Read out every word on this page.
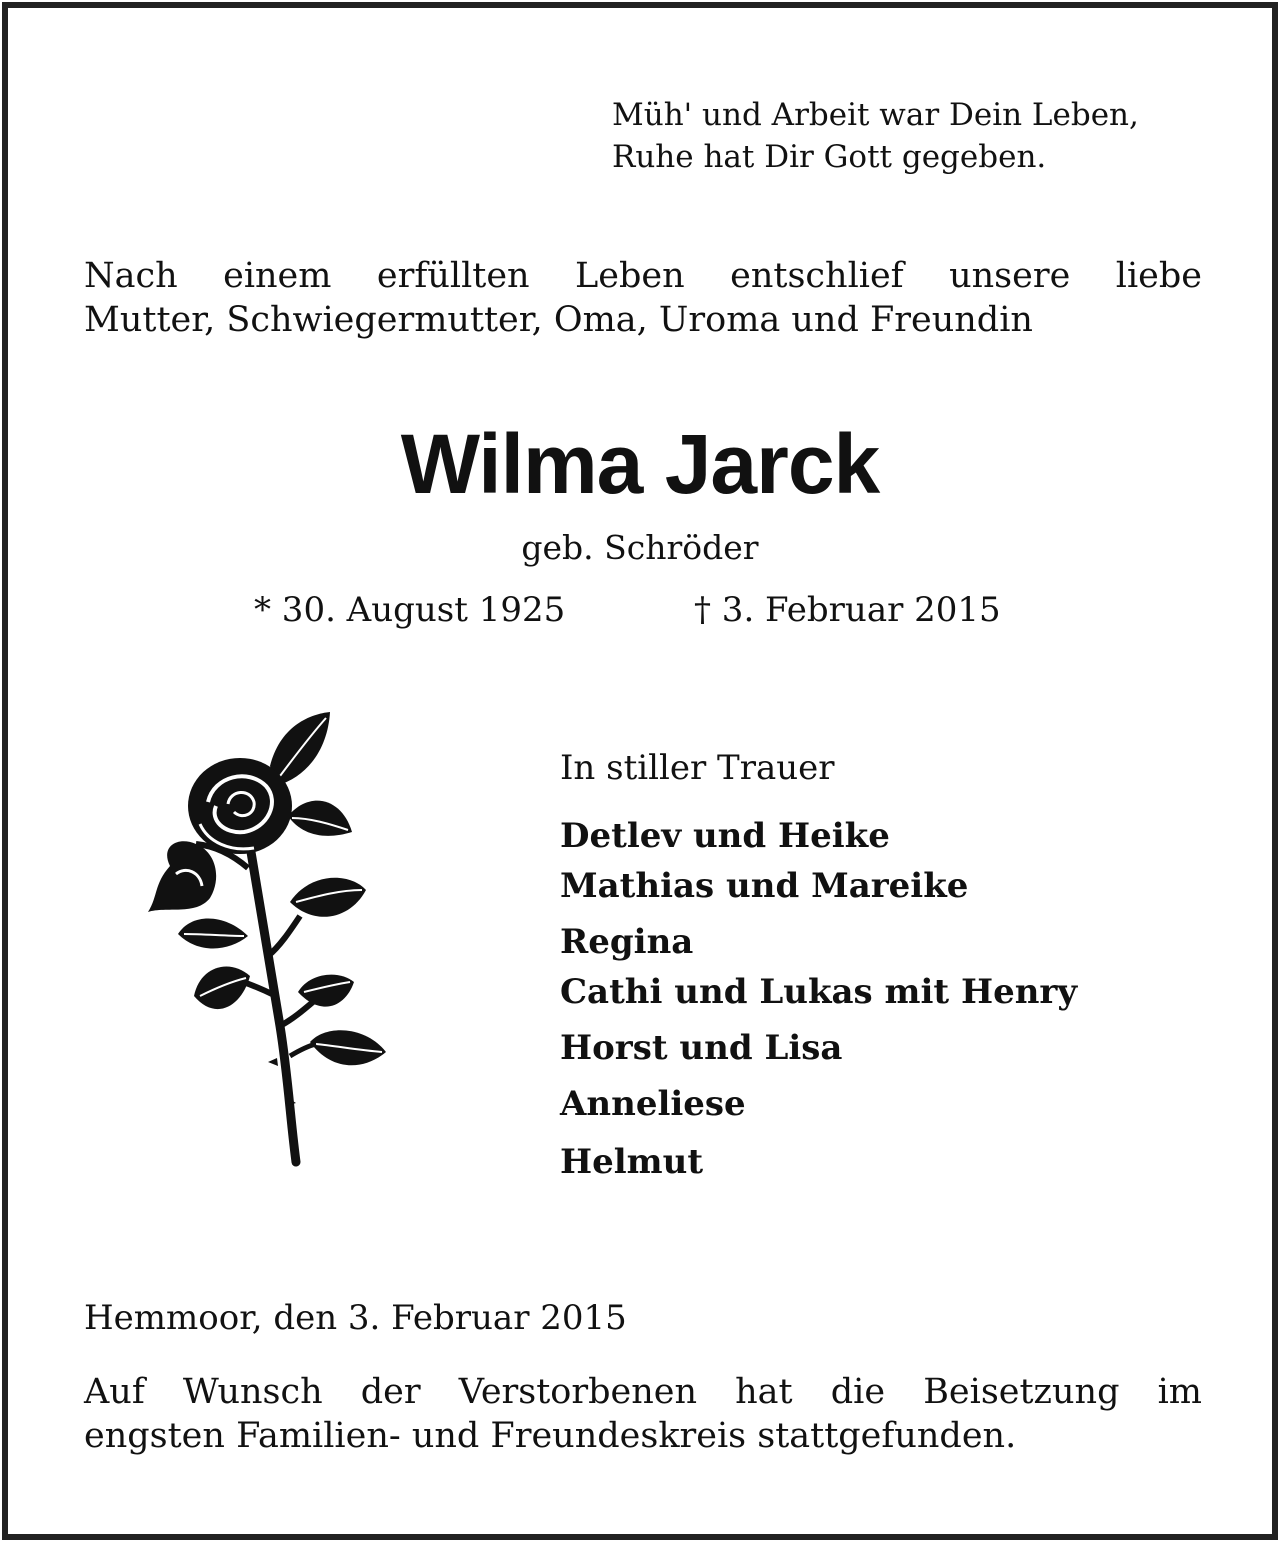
Müh' und Arbeit war Dein Leben,
Ruhe hat Dir Gott gegeben.
Nach einem erfüllten Leben entschlief unsere liebe
Mutter, Schwiegermutter, Oma, Uroma und Freundin
Wilma Jarck
geb. Schröder
* 30. August 1925	† 3. Februar 2015
In stiller Trauer
Detlev und Heike
Mathias und Mareike
Regina
Cathi und Lukas mit Henry
Horst und Lisa
Anneliese
Helmut
Hemmoor, den 3. Februar 2015
Auf Wunsch der Verstorbenen hat die Beisetzung im
engsten Familien- und Freundeskreis stattgefunden.
